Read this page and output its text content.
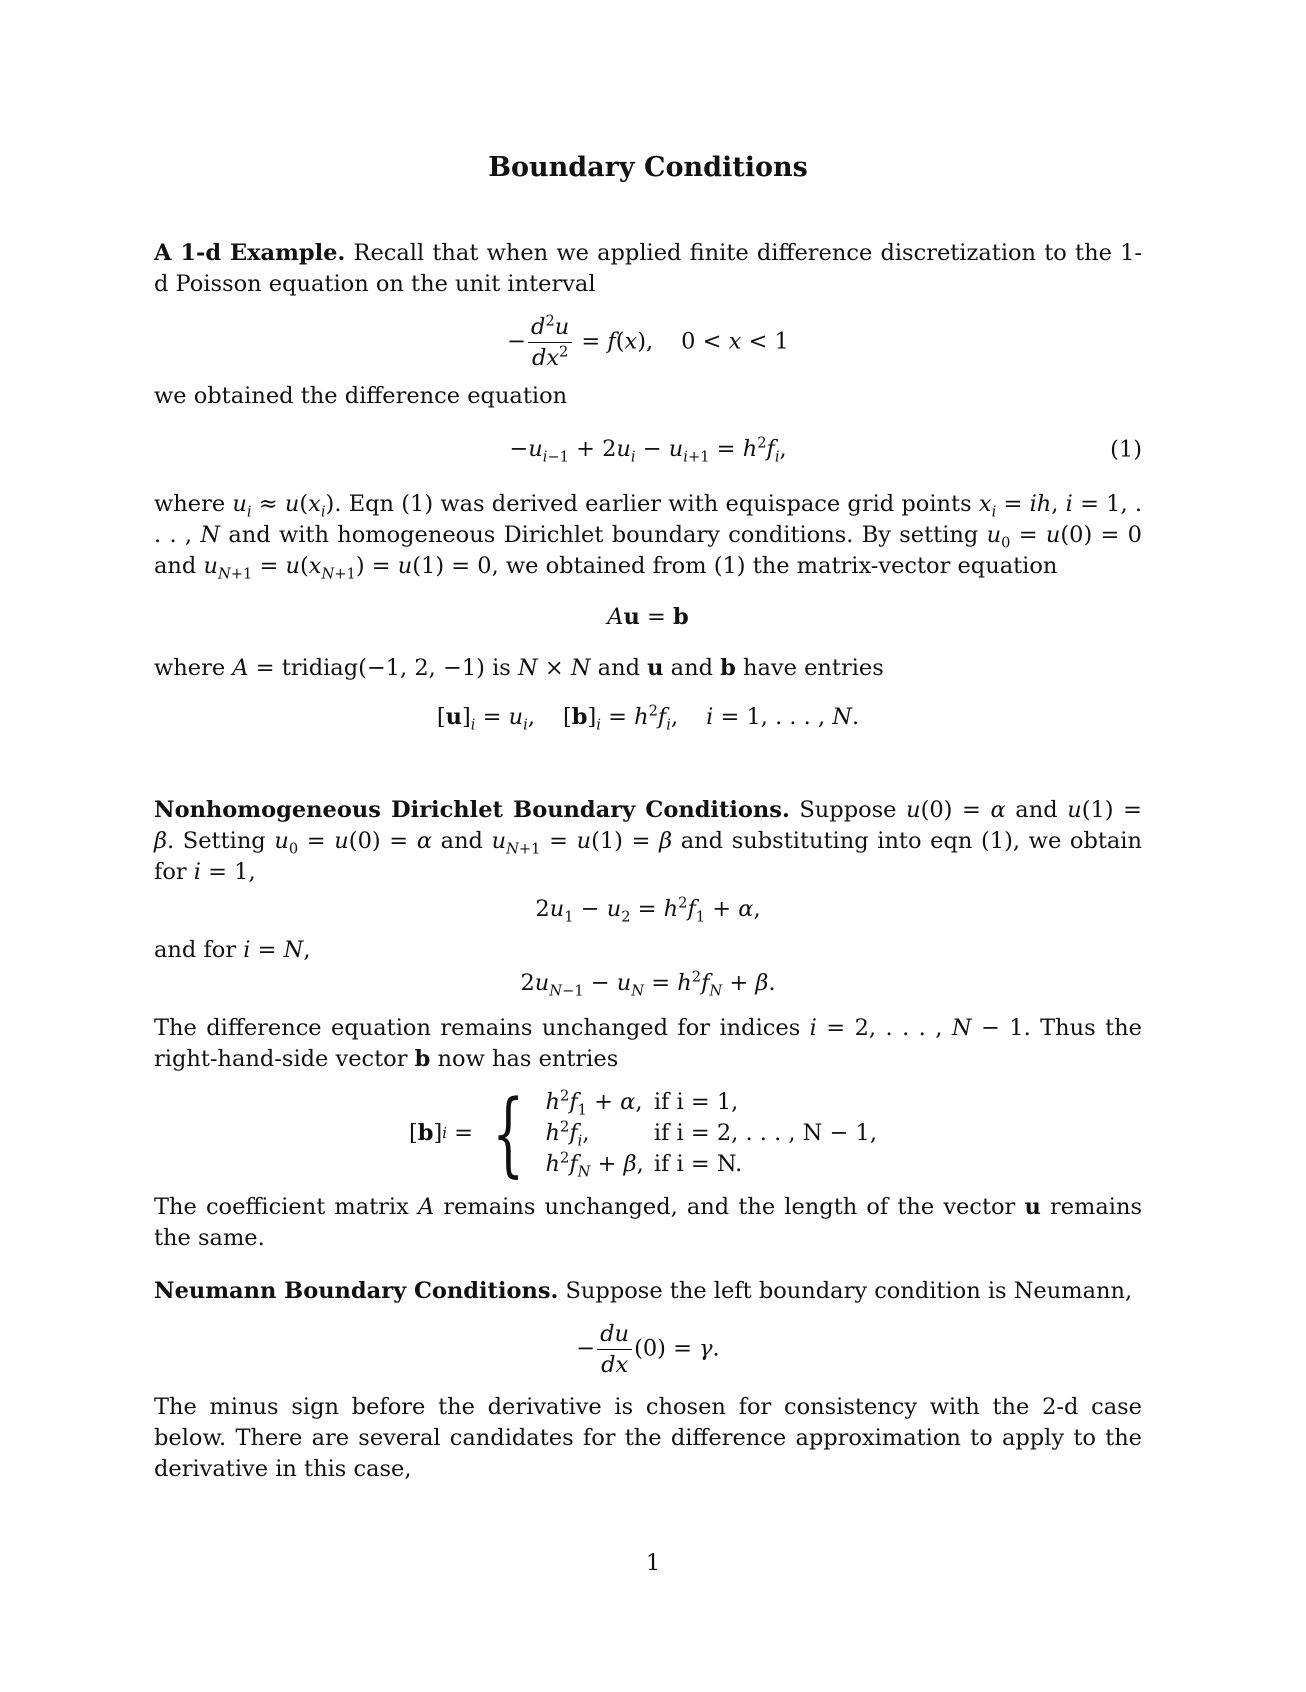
Boundary Conditions

A 1-d Example. Recall that when we applied finite difference discretization to the 1-d Poisson equation on the unit interval

− $\frac{d^2u}{dx^2} = f(x)$, 0 < x < 1

we obtained the difference equation

$-u_{i-1} + 2u_i - u_{i+1} = h^2f_i$,	(1)

where $u_i \approx u(x_i)$. Eqn (1) was derived earlier with equispace grid points $x_i$ = ih, i = 1, . . . , N and with homogeneous Dirichlet boundary conditions. By setting $u_0 = u(0) = 0$ and $u_{N+1} = u(x_{N+1}) = u(1) = 0$, we obtained from (1) the matrix-vector equation

Au = b

where A = tridiag(−1, 2, −1) is N × N and u and b have entries

$[u]_i = u_i$, $[b]_i = h^2f_i$, i = 1, . . . , N.

Nonhomogeneous Dirichlet Boundary Conditions. Suppose u(0) = α and u(1) = β. Setting $u_0 = u(0) = \alpha$ and $u_{N+1} = u(1) = \beta$ and substituting into eqn (1), we obtain for i = 1,

$2u_1 - u_2 = h^2f_1 + \alpha$,

and for i = N,

$2u_{N-1} - u_N = h^2f_N + \beta$.

The difference equation remains unchanged for indices i = 2, . . . , N − 1. Thus the right-hand-side vector b now has entries

[ b ] i = { $h^2f_1 + \alpha$,	if i = 1,
$h^2f_i$,	if i = 2, . . . , N − 1,
$h^2f_N + \beta$,	if i = N.

The coefficient matrix A remains unchanged, and the length of the vector u remains the same.

Neumann Boundary Conditions. Suppose the left boundary condition is Neumann,

− $\frac{du}{dx} (0) = \gamma$.

The minus sign before the derivative is chosen for consistency with the 2-d case below. There are several candidates for the difference approximation to apply to the derivative in this case,

1
